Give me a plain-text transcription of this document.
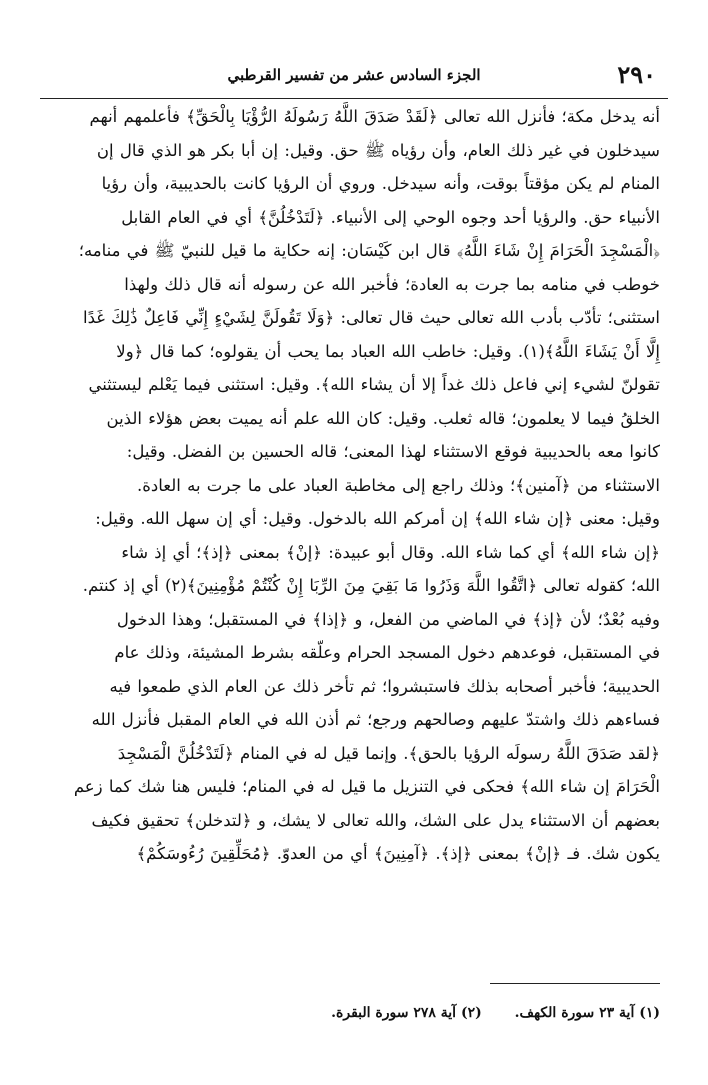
٢٩٠
الجزء السادس عشر من تفسير القرطبي

أنه يدخل مكة؛ فأنزل الله تعالى ﴿لَقَدْ صَدَقَ اللَّهُ رَسُولَهُ الرُّؤْيَا بِالْحَقِّ﴾ فأعلمهم أنهم

سيدخلون في غير ذلك العام، وأن رؤياه ﷺ حق. وقيل: إن أبا بكر هو الذي قال إن

المنام لم يكن مؤقتاً بوقت، وأنه سيدخل. وروي أن الرؤيا كانت بالحديبية، وأن رؤيا

الأنبياء حق. والرؤيا أحد وجوه الوحي إلى الأنبياء. ﴿لَتَدْخُلُنَّ﴾ أي في العام القابل

﴿الْمَسْجِدَ الْحَرَامَ إِنْ شَاءَ اللَّهُ﴾ قال ابن كَيْسَان: إنه حكاية ما قيل للنبيّ ﷺ في منامه؛

خوطب في منامه بما جرت به العادة؛ فأخبر الله عن رسوله أنه قال ذلك ولهذا

استثنى؛ تأدّب بأدب الله تعالى حيث قال تعالى: ﴿وَلَا تَقُولَنَّ لِشَيْءٍ إِنِّي فَاعِلٌ ذَٰلِكَ غَدًا

إِلَّا أَنْ يَشَاءَ اللَّهُ﴾(١). وقيل: خاطب الله العباد بما يحب أن يقولوه؛ كما قال ﴿ولا

تقولنّ لشيء إني فاعل ذلك غداً إلا أن يشاء الله﴾. وقيل: استثنى فيما يَعْلم ليستثني

الخلقُ فيما لا يعلمون؛ قاله ثعلب. وقيل: كان الله علم أنه يميت بعض هؤلاء الذين

كانوا معه بالحديبية فوقع الاستثناء لهذا المعنى؛ قاله الحسين بن الفضل. وقيل:

الاستثناء من ﴿آمنين﴾؛ وذلك راجع إلى مخاطبة العباد على ما جرت به العادة.

وقيل: معنى ﴿إن شاء الله﴾ إن أمركم الله بالدخول. وقيل: أي إن سهل الله. وقيل:

﴿إن شاء الله﴾ أي كما شاء الله. وقال أبو عبيدة: ﴿إنْ﴾ بمعنى ﴿إذ﴾؛ أي إذ شاء

الله؛ كقوله تعالى ﴿اتَّقُوا اللَّهَ وَذَرُوا مَا بَقِيَ مِنَ الرِّبَا إِنْ كُنْتُمْ مُؤْمِنِينَ﴾(٢) أي إذ كنتم.

وفيه بُعْدٌ؛ لأن ﴿إذ﴾ في الماضي من الفعل، و ﴿إذا﴾ في المستقبل؛ وهذا الدخول

في المستقبل، فوعدهم دخول المسجد الحرام وعلّقه بشرط المشيئة، وذلك عام

الحديبية؛ فأخبر أصحابه بذلك فاستبشروا؛ ثم تأخر ذلك عن العام الذي طمعوا فيه

فساءهم ذلك واشتدّ عليهم وصالحهم ورجع؛ ثم أذن الله في العام المقبل فأنزل الله

﴿لقد صَدَقَ اللَّهُ رسولَه الرؤيا بالحق﴾. وإنما قيل له في المنام ﴿لَتَدْخُلُنَّ الْمَسْجِدَ

الْحَرَامَ إن شاء الله﴾ فحكى في التنزيل ما قيل له في المنام؛ فليس هنا شك كما زعم

بعضهم أن الاستثناء يدل على الشك، والله تعالى لا يشك، و ﴿لتدخلن﴾ تحقيق فكيف

يكون شك. فـ ﴿إنْ﴾ بمعنى ﴿إذ﴾. ﴿آمِنِينَ﴾ أي من العدوّ. ﴿مُحَلِّقِينَ رُءُوسَكُمْ﴾

(١) آية ٢٣ سورة الكهف. (٢) آية ٢٧٨ سورة البقرة.
